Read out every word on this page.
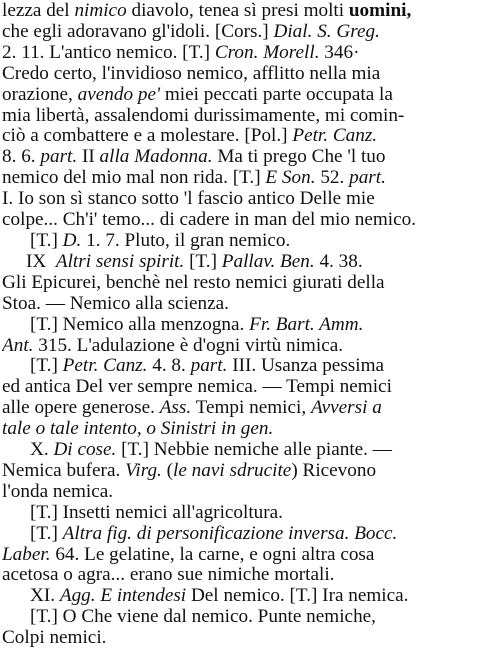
lezza del nimico diavolo, tenea sì presi molti uomini,
che egli adoravano gl'idoli. [Cors.] Dial. S. Greg.
2. 11. L'antico nemico. [T.] Cron. Morell. 346·
Credo certo, l'invidioso nemico, afflitto nella mia
orazione, avendo pe' miei peccati parte occupata la
mia libertà, assalendomi durissimamente, mi comin-
ciò a combattere e a molestare. [Pol.] Petr. Canz.
8. 6. part. II alla Madonna. Ma ti prego Che 'l tuo
nemico del mio mal non rida. [T.] E Son. 52. part.
I. Io son sì stanco sotto 'l fascio antico Delle mie
colpe... Ch'i' temo... di cadere in man del mio nemico.
[T.] D. 1. 7. Pluto, il gran nemico.
IX  Altri sensi spirit. [T.] Pallav. Ben. 4. 38.
Gli Epicurei, benchè nel resto nemici giurati della
Stoa. — Nemico alla scienza.
[T.] Nemico alla menzogna. Fr. Bart. Amm.
Ant. 315. L'adulazione è d'ogni virtù nimica.
[T.] Petr. Canz. 4. 8. part. III. Usanza pessima
ed antica Del ver sempre nemica. — Tempi nemici
alle opere generose. Ass. Tempi nemici, Avversi a
tale o tale intento, o Sinistri in gen.
X. Di cose. [T.] Nebbie nemiche alle piante. —
Nemica bufera. Virg. (le navi sdrucite) Ricevono
l'onda nemica.
[T.] Insetti nemici all'agricoltura.
[T.] Altra fig. di personificazione inversa. Bocc.
Laber. 64. Le gelatine, la carne, e ogni altra cosa
acetosa o agra... erano sue nimiche mortali.
XI. Agg. E intendesi Del nemico. [T.] Ira nemica.
[T.] O Che viene dal nemico. Punte nemiche,
Colpi nemici.
